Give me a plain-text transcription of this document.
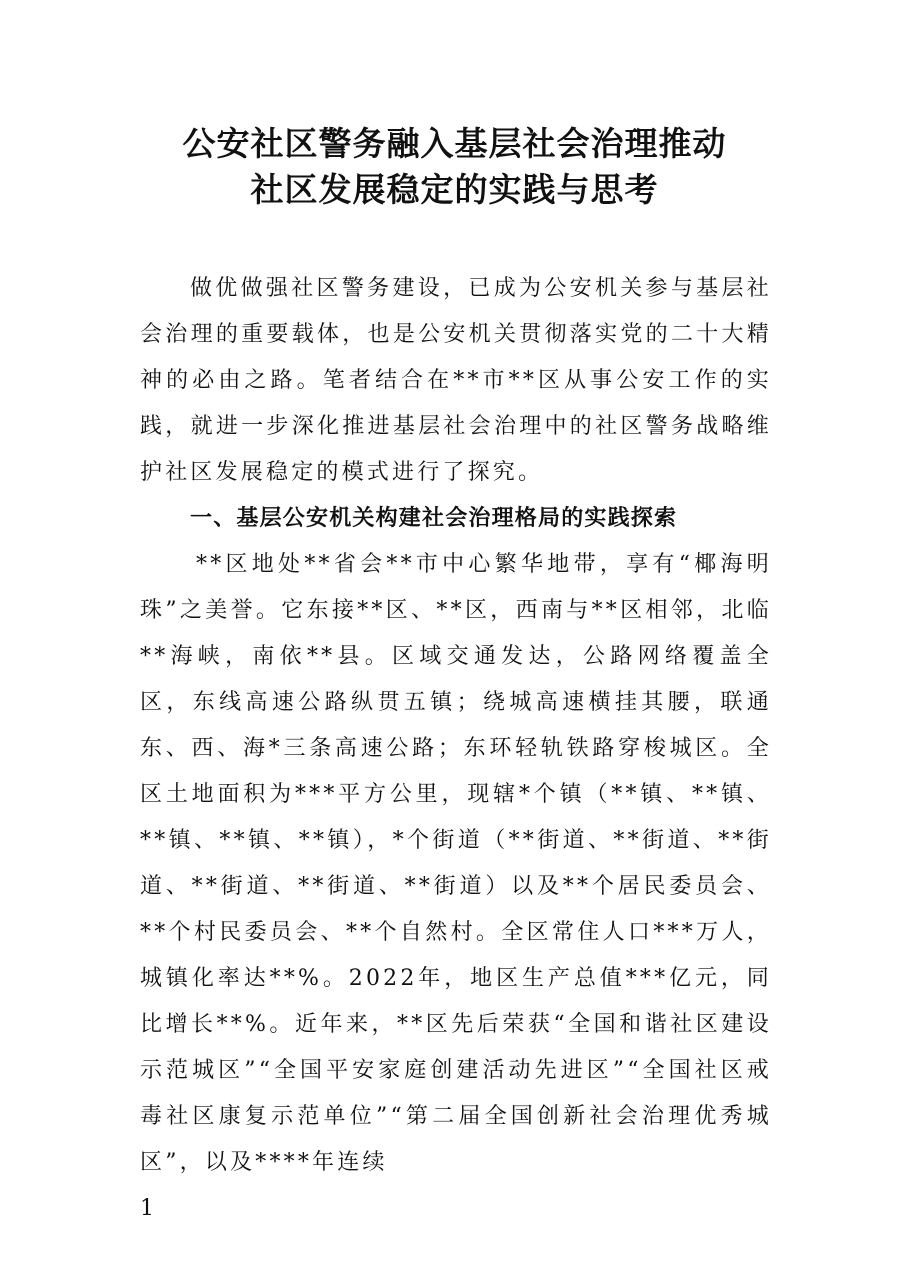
公安社区警务融入基层社会治理推动
社区发展稳定的实践与思考

做优做强社区警务建设，已成为公安机关参与基层社会治理的重要载体，也是公安机关贯彻落实党的二十大精神的必由之路。笔者结合在**市**区从事公安工作的实践，就进一步深化推进基层社会治理中的社区警务战略维护社区发展稳定的模式进行了探究。

一、基层公安机关构建社会治理格局的实践探索

**区地处**省会**市中心繁华地带，享有“椰海明珠”之美誉。它东接**区、**区，西南与**区相邻，北临**海峡，南依**县。区域交通发达，公路网络覆盖全区，东线高速公路纵贯五镇；绕城高速横挂其腰，联通东、西、海*三条高速公路；东环轻轨铁路穿梭城区。全区土地面积为***平方公里，现辖*个镇（**镇、**镇、**镇、**镇、**镇），*个街道（**街道、**街道、**街道、**街道、**街道、**街道）以及**个居民委员会、**个村民委员会、**个自然村。全区常住人口***万人，城镇化率达**%。2022年，地区生产总值***亿元，同比增长**%。近年来，**区先后荣获“全国和谐社区建设示范城区”“全国平安家庭创建活动先进区”“全国社区戒毒社区康复示范单位”“第二届全国创新社会治理优秀城区”，以及****年连续

1
